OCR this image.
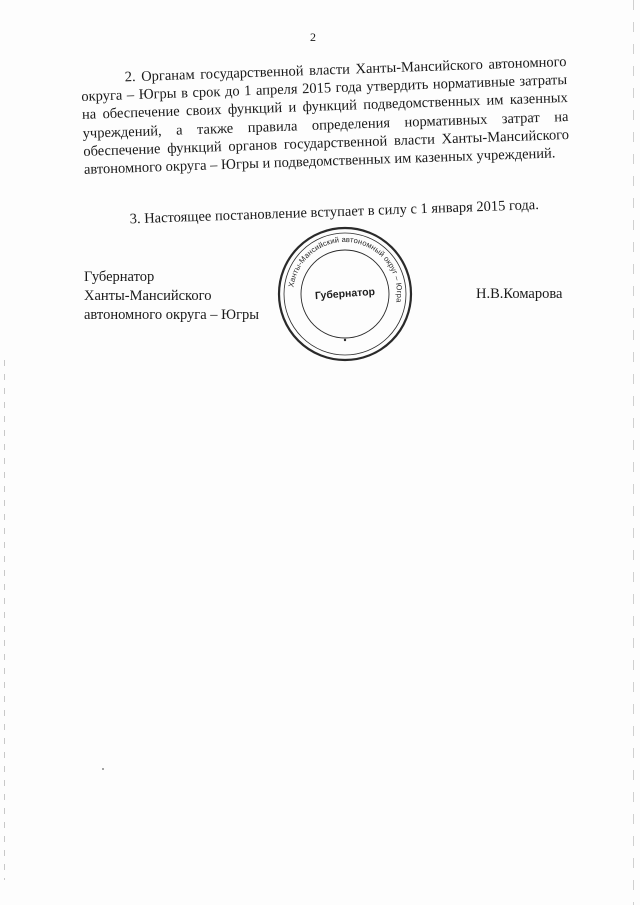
2

2. Органам государственной власти Ханты-Мансийского автономного округа – Югры в срок до 1 апреля 2015 года утвердить нормативные затраты на обеспечение своих функций и функций подведомственных им казенных учреждений, а также правила определения нормативных затрат на обеспечение функций органов государственной власти Ханты-Мансийского автономного округа – Югры и подведомственных им казенных учреждений.

3. Настоящее постановление вступает в силу с 1 января 2015 года.

Губернатор
Ханты-Мансийского
автономного округа – Югры
Ханты-Мансийский автономный округ – Югра
Губернатор	Н.В.Комарова
